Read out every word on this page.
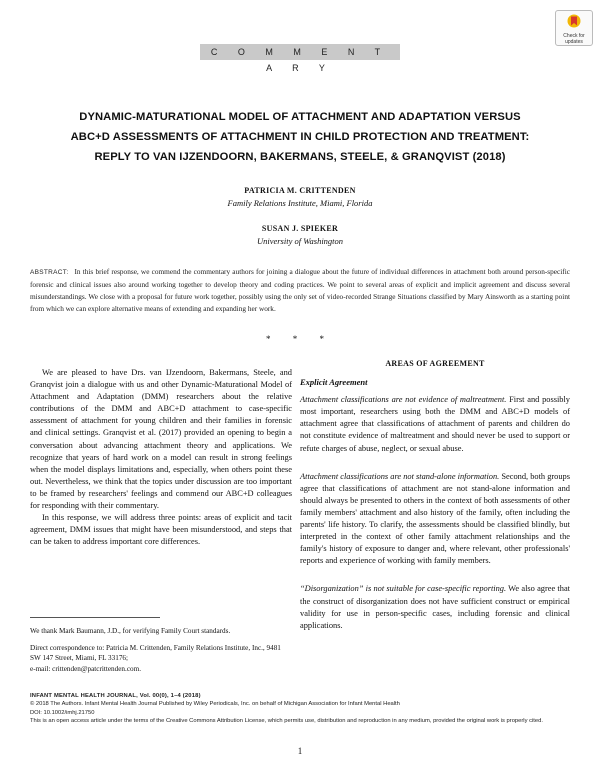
C O M M E N T A R Y
Check for
updates
DYNAMIC-MATURATIONAL MODEL OF ATTACHMENT AND ADAPTATION VERSUS
ABC+D ASSESSMENTS OF ATTACHMENT IN CHILD PROTECTION AND TREATMENT:
REPLY TO VAN IJZENDOORN, BAKERMANS, STEELE, & GRANQVIST (2018)
PATRICIA M. CRITTENDEN
Family Relations Institute, Miami, Florida
SUSAN J. SPIEKER
University of Washington
ABSTRACT: In this brief response, we commend the commentary authors for joining a dialogue about the future of individual differences in attachment both around person-specific forensic and clinical issues also around working together to develop theory and coding practices. We point to several areas of explicit and implicit agreement and discuss several misunderstandings. We close with a proposal for future work together, possibly using the only set of video-recorded Strange Situations classified by Mary Ainsworth as a starting point from which we can explore alternative means of extending and expanding her work.
* * *

We are pleased to have Drs. van IJzendoorn, Bakermans, Steele, and Granqvist join a dialogue with us and other Dynamic-Maturational Model of Attachment and Adaptation (DMM) researchers about the relative contributions of the DMM and ABC+D attachment to case-specific assessment of attachment for young children and their families in forensic and clinical settings. Granqvist et al. (2017) provided an opening to begin a conversation about advancing attachment theory and applications. We recognize that years of hard work on a model can result in strong feelings when the model displays limitations and, especially, when others point these out. Nevertheless, we think that the topics under discussion are too important to be framed by researchers' feelings and commend our ABC+D colleagues for responding with their commentary.

In this response, we will address three points: areas of explicit and tacit agreement, DMM issues that might have been misunderstood, and steps that can be taken to address important core differences.

We thank Mark Baumann, J.D., for verifying Family Court standards.

Direct correspondence to: Patricia M. Crittenden, Family Relations Institute, Inc., 9481 SW 147 Street, Miami, FL 33176;

e-mail: crittenden@patcrittenden.com.

AREAS OF AGREEMENT
Explicit Agreement

Attachment classifications are not evidence of maltreatment. First and possibly most important, researchers using both the DMM and ABC+D models of attachment agree that classifications of attachment of parents and children do not constitute evidence of maltreatment and should never be used to support or refute charges of abuse, neglect, or sexual abuse.

Attachment classifications are not stand-alone information. Second, both groups agree that classifications of attachment are not stand-alone information and should always be presented to others in the context of both assessments of other family members' attachment and also history of the family, often including the parents' life history. To clarify, the assessments should be classified blindly, but interpreted in the context of other family attachment relationships and the family's history of exposure to danger and, where relevant, other professionals' reports and experience of working with family members.

“Disorganization” is not suitable for case-specific reporting. We also agree that the construct of disorganization does not have sufficient construct or empirical validity for use in person-specific cases, including forensic and clinical applications.

INFANT MENTAL HEALTH JOURNAL, Vol. 00(0), 1–4 (2018)
© 2018 The Authors. Infant Mental Health Journal Published by Wiley Periodicals, Inc. on behalf of Michigan Association for Infant Mental Health
DOI: 10.1002/imhj.21750
This is an open access article under the terms of the Creative Commons Attribution License, which permits use, distribution and reproduction in any medium, provided the original work is properly cited.
1
